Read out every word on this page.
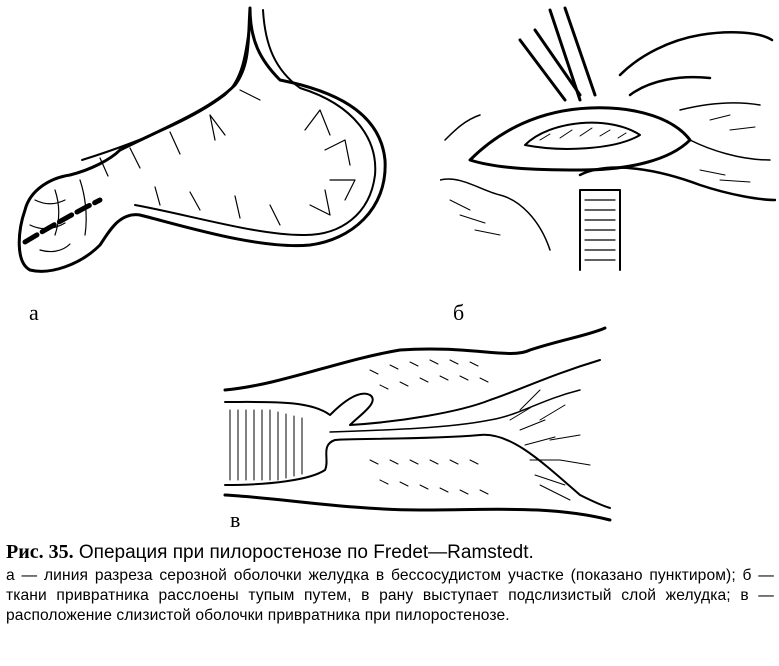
а	б
в
Рис. 35. Операция при пилоростенозе по Fredet—Ramstedt.
а — линия разреза серозной оболочки желудка в бессосудистом участке (показано пунктиром); б — ткани привратника расслоены тупым путем, в рану выступает подслизистый слой желудка; в — расположение слизистой оболочки привратника при пилоростенозе.
